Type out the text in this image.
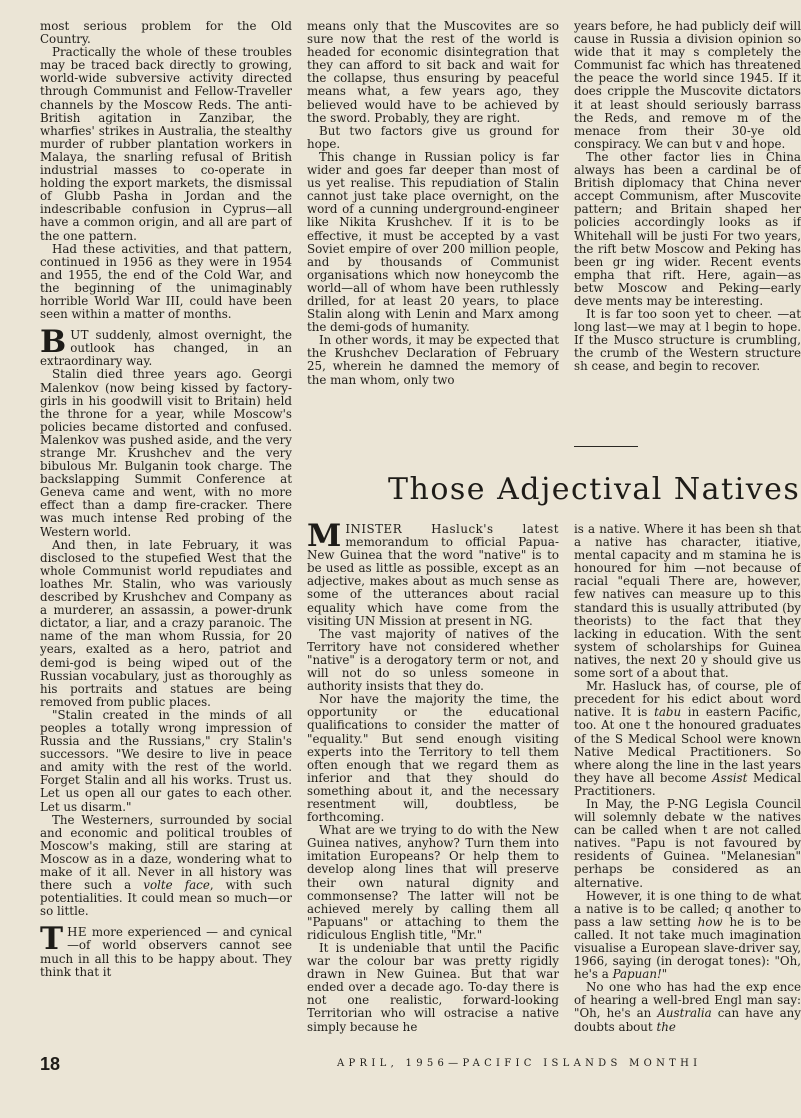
most serious problem for the Old Country.

Practically the whole of these troubles may be traced back directly to growing, world-wide subversive activity directed through Communist and Fellow-Traveller channels by the Moscow Reds. The anti-British agitation in Zanzibar, the wharfies' strikes in Australia, the stealthy murder of rubber plantation workers in Malaya, the snarling refusal of British industrial masses to co-operate in holding the export markets, the dismissal of Glubb Pasha in Jordan and the indescribable confusion in Cyprus—all have a common origin, and all are part of the one pattern.

Had these activities, and that pattern, continued in 1956 as they were in 1954 and 1955, the end of the Cold War, and the beginning of the unimaginably horrible World War III, could have been seen within a matter of months.

BUT suddenly, almost overnight, the outlook has changed, in an extraordinary way.

Stalin died three years ago. Georgi Malenkov (now being kissed by factory-girls in his goodwill visit to Britain) held the throne for a year, while Moscow's policies became distorted and confused. Malenkov was pushed aside, and the very strange Mr. Krushchev and the very bibulous Mr. Bulganin took charge. The backslapping Summit Conference at Geneva came and went, with no more effect than a damp fire-cracker. There was much intense Red probing of the Western world.

And then, in late February, it was disclosed to the stupefied West that the whole Communist world repudiates and loathes Mr. Stalin, who was variously described by Krushchev and Company as a murderer, an assassin, a power-drunk dictator, a liar, and a crazy paranoic. The name of the man whom Russia, for 20 years, exalted as a hero, patriot and demi-god is being wiped out of the Russian vocabulary, just as thoroughly as his portraits and statues are being removed from public places.

"Stalin created in the minds of all peoples a totally wrong impression of Russia and the Russians," cry Stalin's successors. "We desire to live in peace and amity with the rest of the world. Forget Stalin and all his works. Trust us. Let us open all our gates to each other. Let us disarm."

The Westerners, surrounded by social and economic and political troubles of Moscow's making, still are staring at Moscow as in a daze, wondering what to make of it all. Never in all history was there such a volte face, with such potentialities. It could mean so much—or so little.

THE more experienced — and cynical—of world observers cannot see much in all this to be happy about. They think that it

means only that the Muscovites are so sure now that the rest of the world is headed for economic disintegration that they can afford to sit back and wait for the collapse, thus ensuring by peaceful means what, a few years ago, they believed would have to be achieved by the sword. Probably, they are right.

But two factors give us ground for hope.

This change in Russian policy is far wider and goes far deeper than most of us yet realise. This repudiation of Stalin cannot just take place overnight, on the word of a cunning underground-engineer like Nikita Krushchev. If it is to be effective, it must be accepted by a vast Soviet empire of over 200 million people, and by thousands of Communist organisations which now honeycomb the world—all of whom have been ruthlessly drilled, for at least 20 years, to place Stalin along with Lenin and Marx among the demi-gods of humanity.

In other words, it may be expected that the Krushchev Declaration of February 25, wherein he damned the memory of the man whom, only two

years before, he had publicly deif will cause in Russia a division opinion so wide that it may s completely the Communist fac which has threatened the peace the world since 1945. If it does cripple the Muscovite dictators it at least should seriously barrass the Reds, and remove m of the menace from their 30-ye old conspiracy. We can but v and hope.

The other factor lies in China always has been a cardinal be of British diplomacy that China never accept Communism, after Muscovite pattern; and Britain shaped her policies accordingly looks as if Whitehall will be justi For two years, the rift betw Moscow and Peking has been gr ing wider. Recent events empha that rift. Here, again—as betw Moscow and Peking—early deve ments may be interesting.

It is far too soon yet to cheer. —at long last—we may at l begin to hope. If the Musco structure is crumbling, the crumb of the Western structure sh cease, and begin to recover.

Those Adjectival Natives

MINISTER Hasluck's latest memorandum to official Papua-New Guinea that the word "native" is to be used as little as possible, except as an adjective, makes about as much sense as some of the utterances about racial equality which have come from the visiting UN Mission at present in NG.

The vast majority of natives of the Territory have not considered whether "native" is a derogatory term or not, and will not do so unless someone in authority insists that they do.

Nor have the majority the time, the opportunity or the educational qualifications to consider the matter of "equality." But send enough visiting experts into the Territory to tell them often enough that we regard them as inferior and that they should do something about it, and the necessary resentment will, doubtless, be forthcoming.

What are we trying to do with the New Guinea natives, anyhow? Turn them into imitation Europeans? Or help them to develop along lines that will preserve their own natural dignity and commonsense? The latter will not be achieved merely by calling them all "Papuans" or attaching to them the ridiculous English title, "Mr."

It is undeniable that until the Pacific war the colour bar was pretty rigidly drawn in New Guinea. But that war ended over a decade ago. To-day there is not one realistic, forward-looking Territorian who will ostracise a native simply because he

is a native. Where it has been sh that a native has character, itiative, mental capacity and m stamina he is honoured for him —not because of racial "equali There are, however, few natives can measure up to this standard this is usually attributed (by theorists) to the fact that they lacking in education. With the sent system of scholarships for Guinea natives, the next 20 y should give us some sort of a about that.

Mr. Hasluck has, of course, ple of precedent for his edict about word native. It is tabu in eastern Pacific, too. At one t the honoured graduates of the S Medical School were known Native Medical Practitioners. So where along the line in the last years they have all become Assist Medical Practitioners.

In May, the P-NG Legisla Council will solemnly debate w the natives can be called when t are not called natives. "Papu is not favoured by residents of Guinea. "Melanesian" perhaps be considered as an alternative.

However, it is one thing to de what a native is to be called; q another to pass a law setting how he is to be called. It not take much imagination visualise a European slave-driver say, 1966, saying (in derogat tones): "Oh, he's a Papuan!"

No one who has had the exp ence of hearing a well-bred Engl man say: "Oh, he's an Australia can have any doubts about the

18	APRIL, 1956—PACIFIC ISLANDS MONTHI
